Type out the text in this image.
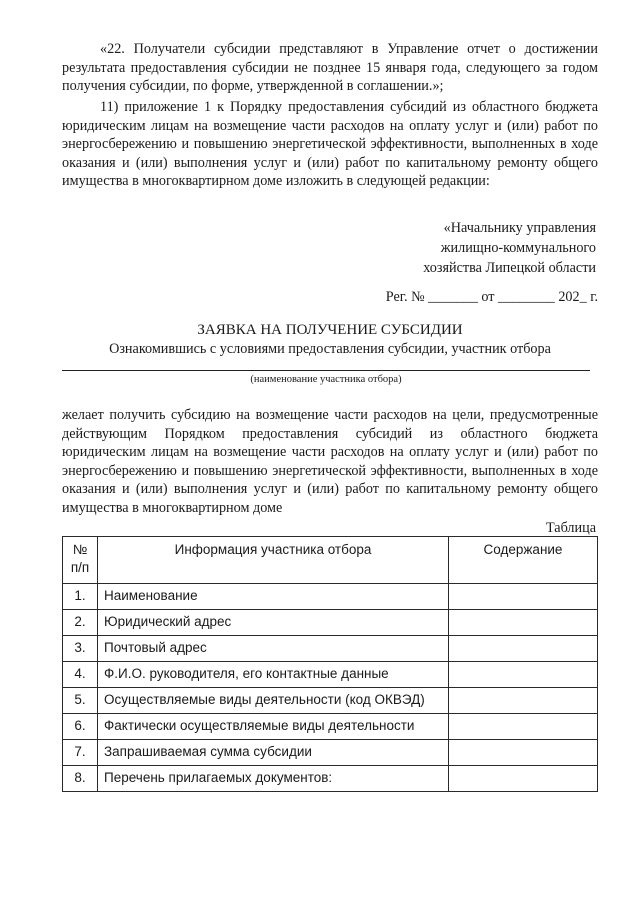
«22. Получатели субсидии представляют в Управление отчет о достижении результата предоставления субсидии не позднее 15 января года, следующего за годом получения субсидии, по форме, утвержденной в соглашении.»;

11) приложение 1 к Порядку предоставления субсидий из областного бюджета юридическим лицам на возмещение части расходов на оплату услуг и (или) работ по энергосбережению и повышению энергетической эффективности, выполненных в ходе оказания и (или) выполнения услуг и (или) работ по капитальному ремонту общего имущества в многоквартирном доме изложить в следующей редакции:

«Начальнику управления
жилищно-коммунального
хозяйства Липецкой области
Рег. № _______ от ________ 202_ г.
ЗАЯВКА НА ПОЛУЧЕНИЕ СУБСИДИИ
Ознакомившись с условиями предоставления субсидии, участник отбора
(наименование участника отбора)

желает получить субсидию на возмещение части расходов на цели, предусмотренные действующим Порядком предоставления субсидий из областного бюджета юридическим лицам на возмещение части расходов на оплату услуг и (или) работ по энергосбережению и повышению энергетической эффективности, выполненных в ходе оказания и (или) выполнения услуг и (или) работ по капитальному ремонту общего имущества в многоквартирном доме

Таблица
№
п/п	Информация участника отбора	Содержание
1.	Наименование	
2.	Юридический адрес	
3.	Почтовый адрес	
4.	Ф.И.О. руководителя, его контактные данные	
5.	Осуществляемые виды деятельности (код ОКВЭД)	
6.	Фактически осуществляемые виды деятельности	
7.	Запрашиваемая сумма субсидии	
8.	Перечень прилагаемых документов:	
